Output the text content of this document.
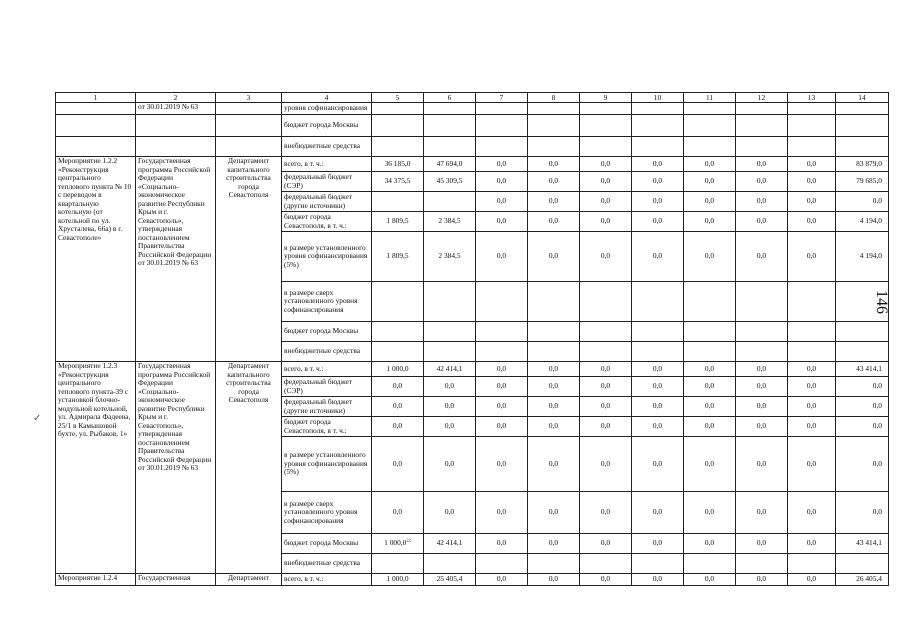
1	2	3	4	5	6	7	8	9	10	11	12	13	14
	от 30.01.2019 № 63		уровня софинансирования										
			бюджет города Москвы										
			внебюджетные средства										
Мероприятие 1.2.2 «Реконструкция центрального теплового пункта № 10 с переводом в квартальную котельную (от котельной по ул. Хрусталева, 66а) в г. Севастополе»	Государственная программа Российской Федерации «Социально-экономическое развитие Республики Крым и г. Севастополь», утвержденная постановлением Правительства Российской Федерации от 30.01.2019 № 63	Департамент капитального строительства города Севастополя	всего, в т. ч.:	36 185,0	47 694,0	0,0	0,0	0,0	0,0	0,0	0,0	0,0	83 879,0
			федеральный бюджет (СЭР)	34 375,5	45 309,5	0,0	0,0	0,0	0,0	0,0	0,0	0,0	79 685,0
			федеральный бюджет (другие источники)			0,0	0,0	0,0	0,0	0,0	0,0	0,0	0,0
			бюджет города Севастополя, в т. ч.:	1 809,5	2 384,5	0,0	0,0	0,0	0,0	0,0	0,0	0,0	4 194,0
			в размере установленного уровня софинансирования (5%)	1 809,5	2 384,5	0,0	0,0	0,0	0,0	0,0	0,0	0,0	4 194,0
			в размере сверх установленного уровня софинансирования										
			бюджет города Москвы										
			внебюджетные средства										
Мероприятие 1.2.3 «Реконструкция центрального теплового пункта-39 с установкой блочно-модульной котельной, ул. Адмирала Фадеева, 25/1 в Камышовой бухте, ул. Рыбаков, 1»	Государственная программа Российской Федерации «Социально-экономическое развитие Республики Крым и г. Севастополь», утвержденная постановлением Правительства Российской Федерации от 30.01.2019 № 63	Департамент капитального строительства города Севастополя	всего, в т. ч.:	1 000,0	42 414,1	0,0	0,0	0,0	0,0	0,0	0,0	0,0	43 414,1
			федеральный бюджет (СЭР)	0,0	0,0	0,0	0,0	0,0	0,0	0,0	0,0	0,0	0,0
			федеральный бюджет (другие источники)	0,0	0,0	0,0	0,0	0,0	0,0	0,0	0,0	0,0	0,0
			бюджет города Севастополя, в т. ч.:	0,0	0,0	0,0	0,0	0,0	0,0	0,0	0,0	0,0	0,0
			в размере установленного уровня софинансирования (5%)	0,0	0,0	0,0	0,0	0,0	0,0	0,0	0,0	0,0	0,0
			в размере сверх установленного уровня софинансирования	0,0	0,0	0,0	0,0	0,0	0,0	0,0	0,0	0,0	0,0
			бюджет города Москвы	1 000,0$^{22}$	42 414,1	0,0	0,0	0,0	0,0	0,0	0,0	0,0	43 414,1
			внебюджетные средства										
Мероприятие 1.2.4	Государственная	Департамент	всего, в т. ч.:	1 000,0	25 405,4	0,0	0,0	0,0	0,0	0,0	0,0	0,0	26 405,4
146
✓
